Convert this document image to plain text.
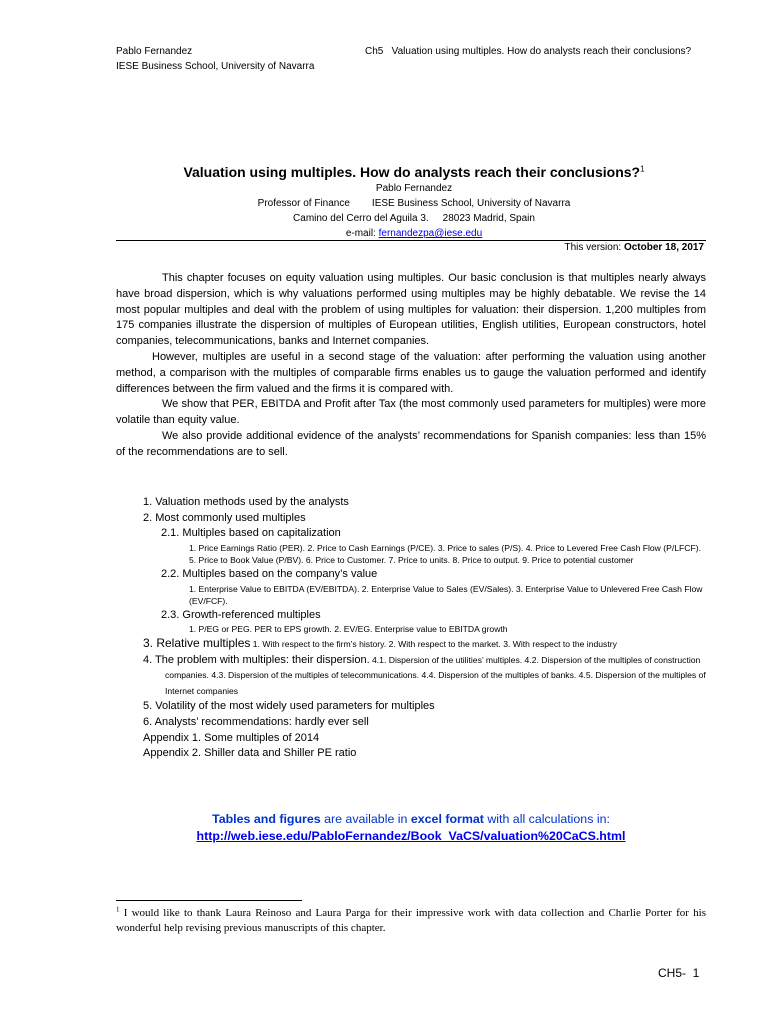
Pablo Fernandez
IESE Business School, University of Navarra
Ch5   Valuation using multiples. How do analysts reach their conclusions?
Valuation using multiples. How do analysts reach their conclusions?$^1$
Pablo Fernandez
Professor of Finance IESE Business School, University of Navarra
Camino del Cerro del Aguila 3. 28023 Madrid, Spain
e-mail: fernandezpa@iese.edu
This version: October 18, 2017

This chapter focuses on equity valuation using multiples. Our basic conclusion is that multiples nearly always have broad dispersion, which is why valuations performed using multiples may be highly debatable. We revise the 14 most popular multiples and deal with the problem of using multiples for valuation: their dispersion. 1,200 multiples from 175 companies illustrate the dispersion of multiples of European utilities, English utilities, European constructors, hotel companies, telecommunications, banks and Internet companies.

However, multiples are useful in a second stage of the valuation: after performing the valuation using another method, a comparison with the multiples of comparable firms enables us to gauge the valuation performed and identify differences between the firm valued and the firms it is compared with.

We show that PER, EBITDA and Profit after Tax (the most commonly used parameters for multiples) were more volatile than equity value.

We also provide additional evidence of the analysts’ recommendations for Spanish companies: less than 15% of the recommendations are to sell.

1. Valuation methods used by the analysts
2. Most commonly used multiples
2.1. Multiples based on capitalization
1. Price Earnings Ratio (PER). 2. Price to Cash Earnings (P/CE). 3. Price to sales (P/S). 4. Price to Levered Free Cash Flow (P/LFCF). 5. Price to Book Value (P/BV). 6. Price to Customer. 7. Price to units. 8. Price to output. 9. Price to potential customer
2.2. Multiples based on the company’s value
1. Enterprise Value to EBITDA (EV/EBITDA). 2. Enterprise Value to Sales (EV/Sales). 3. Enterprise Value to Unlevered Free Cash Flow (EV/FCF).
2.3. Growth-referenced multiples
1. P/EG or PEG. PER to EPS growth. 2. EV/EG. Enterprise value to EBITDA growth
3. Relative multiples 1. With respect to the firm’s history. 2. With respect to the market. 3. With respect to the industry
4. The problem with multiples: their dispersion. 4.1. Dispersion of the utilities’ multiples. 4.2. Dispersion of the multiples of construction companies. 4.3. Dispersion of the multiples of telecommunications. 4.4. Dispersion of the multiples of banks. 4.5. Dispersion of the multiples of Internet companies
5. Volatility of the most widely used parameters for multiples
6. Analysts’ recommendations: hardly ever sell
Appendix 1. Some multiples of 2014
Appendix 2. Shiller data and Shiller PE ratio
Tables and figures are available in excel format with all calculations in:
http://web.iese.edu/PabloFernandez/Book_VaCS/valuation%20CaCS.html
$^1$ I would like to thank Laura Reinoso and Laura Parga for their impressive work with data collection and Charlie Porter for his wonderful help revising previous manuscripts of this chapter.
CH5-  1
